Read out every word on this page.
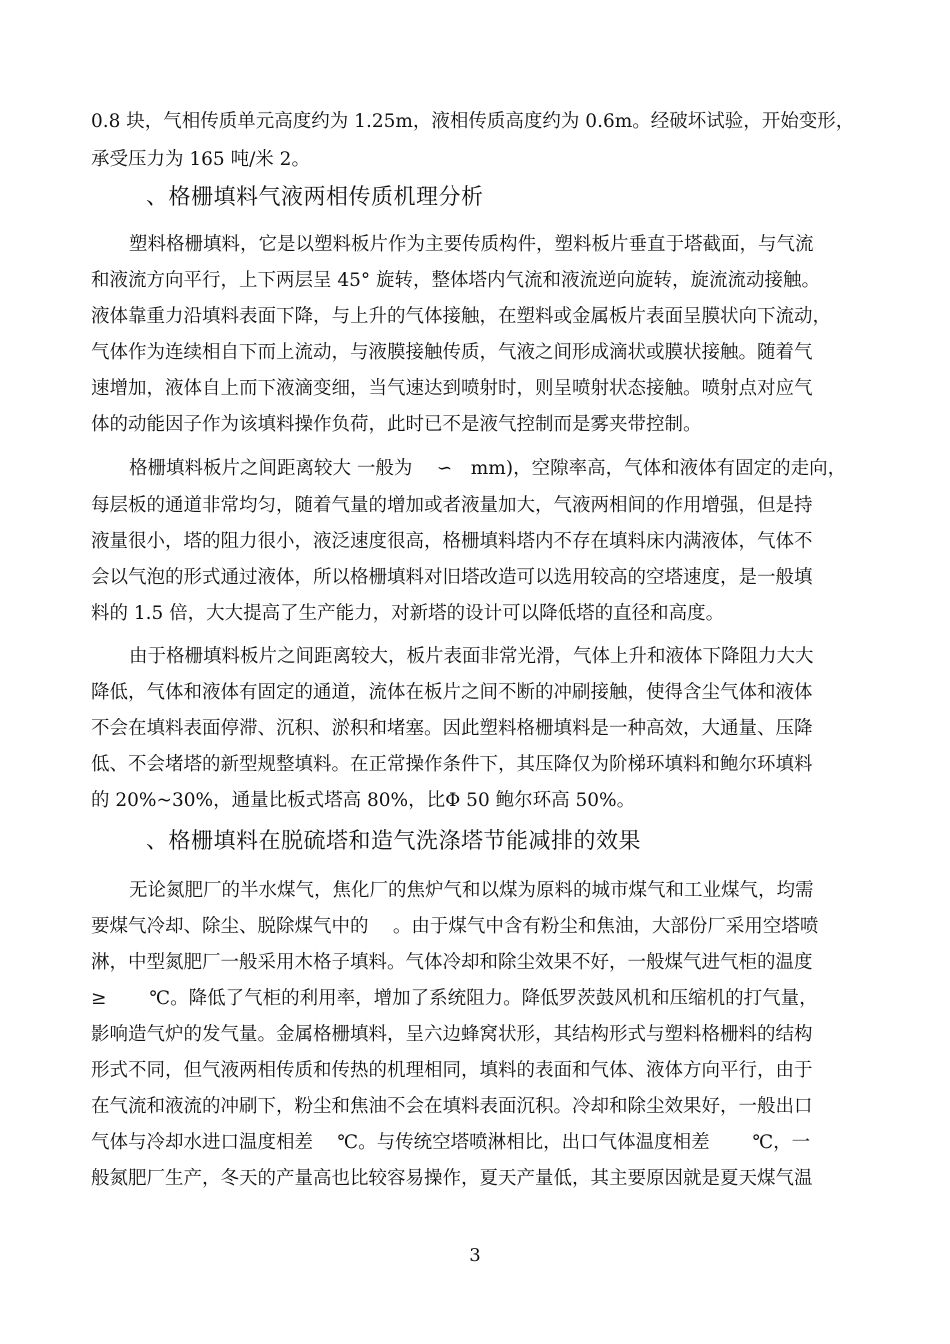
0.8 块，气相传质单元高度约为 1.25m，液相传质高度约为 0.6m。经破坏试验，开始变形，
承受压力为 165 吨/米 2。
、格栅填料气液两相传质机理分析
塑料格栅填料，它是以塑料板片作为主要传质构件，塑料板片垂直于塔截面，与气流
和液流方向平行，上下两层呈 45° 旋转，整体塔内气流和液流逆向旋转，旋流流动接触。
液体靠重力沿填料表面下降，与上升的气体接触，在塑料或金属板片表面呈膜状向下流动，
气体作为连续相自下而上流动，与液膜接触传质，气液之间形成滴状或膜状接触。随着气
速增加，液体自上而下液滴变细，当气速达到喷射时，则呈喷射状态接触。喷射点对应气
体的动能因子作为该填料操作负荷，此时已不是液气控制而是雾夹带控制。
格栅填料板片之间距离较大 一般为　 ∽　mm)，空隙率高，气体和液体有固定的走向，
每层板的通道非常均匀，随着气量的增加或者液量加大，气液两相间的作用增强，但是持
液量很小，塔的阻力很小，液泛速度很高，格栅填料塔内不存在填料床内满液体，气体不
会以气泡的形式通过液体，所以格栅填料对旧塔改造可以选用较高的空塔速度，是一般填
料的 1.5 倍，大大提高了生产能力，对新塔的设计可以降低塔的直径和高度。
由于格栅填料板片之间距离较大，板片表面非常光滑，气体上升和液体下降阻力大大
降低，气体和液体有固定的通道，流体在板片之间不断的冲刷接触，使得含尘气体和液体
不会在填料表面停滞、沉积、淤积和堵塞。因此塑料格栅填料是一种高效，大通量、压降
低、不会堵塔的新型规整填料。在正常操作条件下，其压降仅为阶梯环填料和鲍尔环填料
的 20%~30%，通量比板式塔高 80%，比Φ 50 鲍尔环高 50%。
、格栅填料在脱硫塔和造气洗涤塔节能减排的效果
无论氮肥厂的半水煤气，焦化厂的焦炉气和以煤为原料的城市煤气和工业煤气，均需
要煤气冷却、除尘、脱除煤气中的　 。由于煤气中含有粉尘和焦油，大部份厂采用空塔喷
淋，中型氮肥厂一般采用木格子填料。气体冷却和除尘效果不好，一般煤气进气柜的温度
≥　　 ℃。降低了气柜的利用率，增加了系统阻力。降低罗茨鼓风机和压缩机的打气量，
影响造气炉的发气量。金属格栅填料，呈六边蜂窝状形，其结构形式与塑料格栅料的结构
形式不同，但气液两相传质和传热的机理相同，填料的表面和气体、液体方向平行，由于
在气流和液流的冲刷下，粉尘和焦油不会在填料表面沉积。冷却和除尘效果好，一般出口
气体与冷却水进口温度相差　 ℃。与传统空塔喷淋相比，出口气体温度相差　　 ℃，一
般氮肥厂生产，冬天的产量高也比较容易操作，夏天产量低，其主要原因就是夏天煤气温
3
